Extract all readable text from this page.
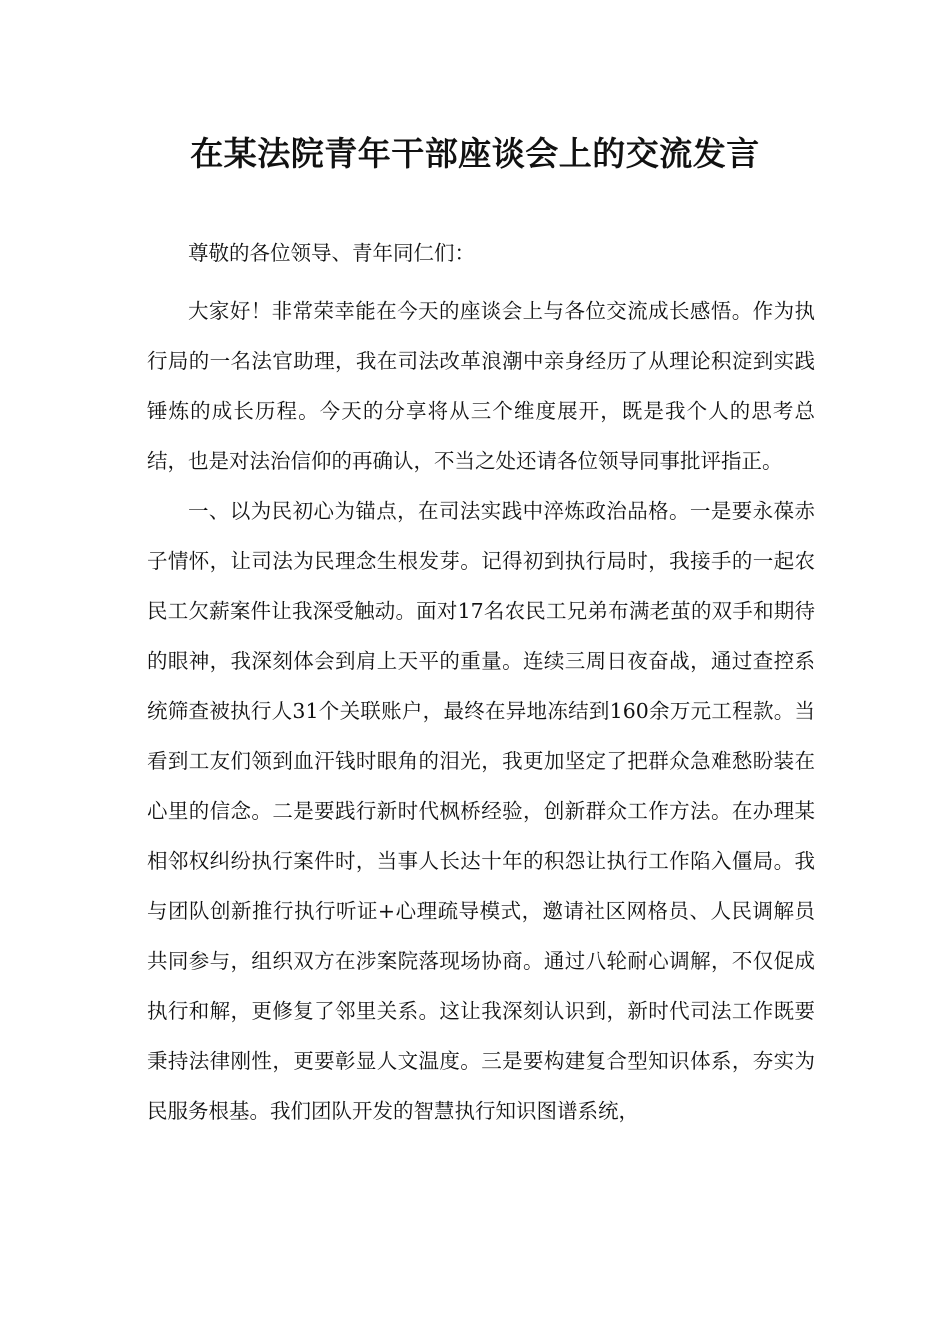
在某法院青年干部座谈会上的交流发言

尊敬的各位领导、青年同仁们：

大家好！非常荣幸能在今天的座谈会上与各位交流成长感悟。作为执行局的一名法官助理，我在司法改革浪潮中亲身经历了从理论积淀到实践锤炼的成长历程。今天的分享将从三个维度展开，既是我个人的思考总结，也是对法治信仰的再确认，不当之处还请各位领导同事批评指正。

一、以为民初心为锚点，在司法实践中淬炼政治品格。一是要永葆赤子情怀，让司法为民理念生根发芽。记得初到执行局时，我接手的一起农民工欠薪案件让我深受触动。面对17名农民工兄弟布满老茧的双手和期待的眼神，我深刻体会到肩上天平的重量。连续三周日夜奋战，通过查控系统筛查被执行人31个关联账户，最终在异地冻结到160余万元工程款。当看到工友们领到血汗钱时眼角的泪光，我更加坚定了把群众急难愁盼装在心里的信念。二是要践行新时代枫桥经验，创新群众工作方法。在办理某相邻权纠纷执行案件时，当事人长达十年的积怨让执行工作陷入僵局。我与团队创新推行执行听证+心理疏导模式，邀请社区网格员、人民调解员共同参与，组织双方在涉案院落现场协商。通过八轮耐心调解，不仅促成执行和解，更修复了邻里关系。这让我深刻认识到，新时代司法工作既要秉持法律刚性，更要彰显人文温度。三是要构建复合型知识体系，夯实为民服务根基。我们团队开发的智慧执行知识图谱系统，
